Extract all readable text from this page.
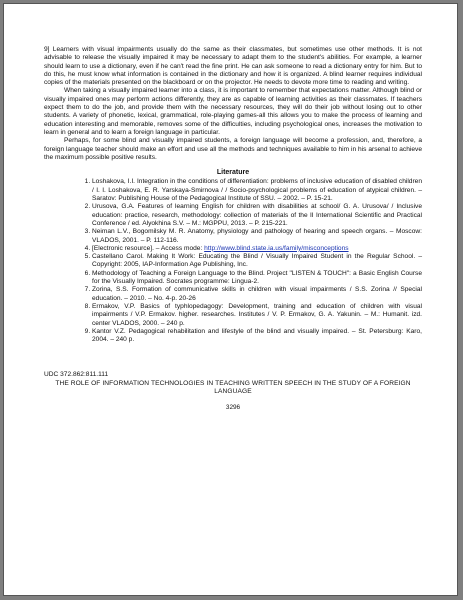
9] Learners with visual impairments usually do the same as their classmates, but sometimes use other methods. It is not advisable to release the visually impaired it may be necessary to adapt them to the student's abilities. For example, a learner should learn to use a dictionary, even if he can't read the fine print. He can ask someone to read a dictionary entry for him. But to do this, he must know what information is contained in the dictionary and how it is organized. A blind learner requires individual copies of the materials presented on the blackboard or on the projector. He needs to devote more time to reading and writing.

When taking a visually impaired learner into a class, it is important to remember that expectations matter. Although blind or visually impaired ones may perform actions differently, they are as capable of learning activities as their classmates. If teachers expect them to do the job, and provide them with the necessary resources, they will do their job without losing out to other students. A variety of phonetic, lexical, grammatical, role-playing games-all this allows you to make the process of learning and education interesting and memorable, removes some of the difficulties, including psychological ones, increases the motivation to learn in general and to learn a foreign language in particular.

Perhaps, for some blind and visually impaired students, a foreign language will become a profession, and, therefore, a foreign language teacher should make an effort and use all the methods and techniques available to him in his arsenal to achieve the maximum possible positive results.

Literature
1. Loshakova, I.I. Integration in the conditions of differentiation: problems of inclusive education of disabled children / I. I. Loshakova, E. R. Yarskaya-Smirnova / / Socio-psychological problems of education of atypical children. – Saratov: Publishing House of the Pedagogical Institute of SSU. – 2002. – P. 15-21.
2. Urusova, G.A. Features of learning English for children with disabilities at school/ G. A. Urusova/ / Inclusive education: practice, research, methodology: collection of materials of the II International Scientific and Practical Conference / ed. Alyokhina S.V. – M.: MGPPU, 2013. – P. 215-221.
3. Neiman L.V., Bogomilsky M. R. Anatomy, physiology and pathology of hearing and speech organs. – Moscow: VLADOS, 2001. – P. 112-116.
4. [Electronic resource]. – Access mode: http://www.blind.state.ia.us/family/misconceptions
5. Castellano Carol. Making It Work: Educating the Blind / Visually Impaired Student in the Regular School. – Copyright: 2005, IAP-Information Age Publishing, Inc.
6. Methodology of Teaching a Foreign Language to the Blind. Project "LISTEN & TOUCH": a Basic English Course for the Visually Impaired. Socrates programme: Lingua-2.
7. Zorina, S.S. Formation of communicative skills in children with visual impairments / S.S. Zorina // Special education. – 2010. – No. 4-p. 20-26
8. Ermakov, V.P. Basics of typhlopedagogy: Development, training and education of children with visual impairments / V.P. Ermakov. higher. researches. Institutes / V. P. Ermakov, G. A. Yakunin. – M.: Humanit. izd. center VLADOS, 2000. – 240 p.
9. Kantor V.Z. Pedagogical rehabilitation and lifestyle of the blind and visually impaired. – St. Petersburg: Karo, 2004. – 240 p.
UDC 372.862:811.111
THE ROLE OF INFORMATION TECHNOLOGIES IN TEACHING WRITTEN SPEECH IN THE STUDY OF A FOREIGN LANGUAGE
3296
